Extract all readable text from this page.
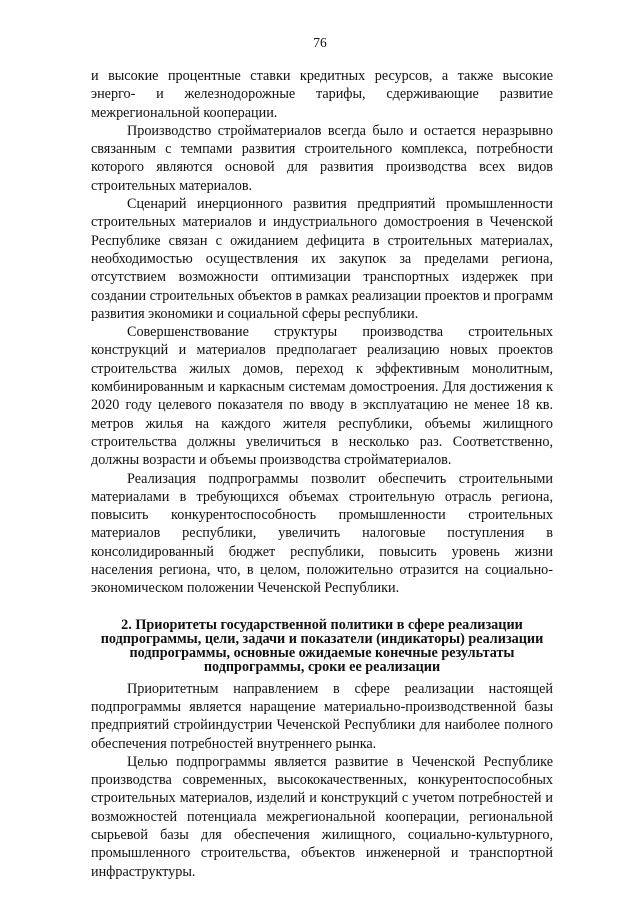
76

и высокие процентные ставки кредитных ресурсов, а также высокие энерго- и железнодорожные тарифы, сдерживающие развитие межрегиональной кооперации.

Производство стройматериалов всегда было и остается неразрывно связанным с темпами развития строительного комплекса, потребности которого являются основой для развития производства всех видов строительных материалов.

Сценарий инерционного развития предприятий промышленности строительных материалов и индустриального домостроения в Чеченской Республике связан с ожиданием дефицита в строительных материалах, необходимостью осуществления их закупок за пределами региона, отсутствием возможности оптимизации транспортных издержек при создании строительных объектов в рамках реализации проектов и программ развития экономики и социальной сферы республики.

Совершенствование структуры производства строительных конструкций и материалов предполагает реализацию новых проектов строительства жилых домов, переход к эффективным монолитным, комбинированным и каркасным системам домостроения. Для достижения к 2020 году целевого показателя по вводу в эксплуатацию не менее 18 кв. метров жилья на каждого жителя республики, объемы жилищного строительства должны увеличиться в несколько раз. Соответственно, должны возрасти и объемы производства стройматериалов.

Реализация подпрограммы позволит обеспечить строительными материалами в требующихся объемах строительную отрасль региона, повысить конкурентоспособность промышленности строительных материалов республики, увеличить налоговые поступления в консолидированный бюджет республики, повысить уровень жизни населения региона, что, в целом, положительно отразится на социально-экономическом положении Чеченской Республики.

2. Приоритеты государственной политики в сфере реализации подпрограммы, цели, задачи и показатели (индикаторы) реализации подпрограммы, основные ожидаемые конечные результаты подпрограммы, сроки ее реализации

Приоритетным направлением в сфере реализации настоящей подпрограммы является наращение материально-производственной базы предприятий стройиндустрии Чеченской Республики для наиболее полного обеспечения потребностей внутреннего рынка.

Целью подпрограммы является развитие в Чеченской Республике производства современных, высококачественных, конкурентоспособных строительных материалов, изделий и конструкций с учетом потребностей и возможностей потенциала межрегиональной кооперации, региональной сырьевой базы для обеспечения жилищного, социально-культурного, промышленного строительства, объектов инженерной и транспортной инфраструктуры.
